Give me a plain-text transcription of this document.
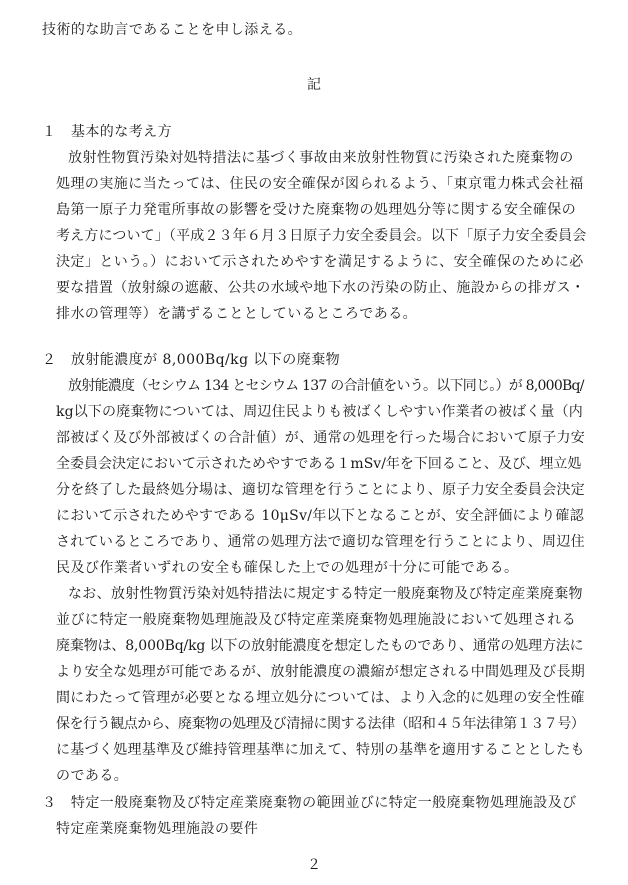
技術的な助言であることを申し添える。
記
１　基本的な考え方
放射性物質汚染対処特措法に基づく事故由来放射性物質に汚染された廃棄物の
処理の実施に当たっては、住民の安全確保が図られるよう、「東京電力株式会社福
島第一原子力発電所事故の影響を受けた廃棄物の処理処分等に関する安全確保の
考え方について」（平成２３年６月３日原子力安全委員会。以下「原子力安全委員会
決定」という。）において示されためやすを満足するように、安全確保のために必
要な措置（放射線の遮蔽、公共の水域や地下水の汚染の防止、施設からの排ガス・
排水の管理等）を講ずることとしているところである。
２　放射能濃度が 8,000Bq/kg 以下の廃棄物
放射能濃度（セシウム 134 とセシウム 137 の合計値をいう。以下同じ。）が 8,000Bq/
kg以下の廃棄物については、周辺住民よりも被ばくしやすい作業者の被ばく量（内
部被ばく及び外部被ばくの合計値）が、通常の処理を行った場合において原子力安
全委員会決定において示されためやすである１mSv/年を下回ること、及び、埋立処
分を終了した最終処分場は、適切な管理を行うことにより、原子力安全委員会決定
において示されためやすである 10μSv/年以下となることが、安全評価により確認
されているところであり、通常の処理方法で適切な管理を行うことにより、周辺住
民及び作業者いずれの安全も確保した上での処理が十分に可能である。
なお、放射性物質汚染対処特措法に規定する特定一般廃棄物及び特定産業廃棄物
並びに特定一般廃棄物処理施設及び特定産業廃棄物処理施設において処理される
廃棄物は、8,000Bq/kg 以下の放射能濃度を想定したものであり、通常の処理方法に
より安全な処理が可能であるが、放射能濃度の濃縮が想定される中間処理及び長期
間にわたって管理が必要となる埋立処分については、より入念的に処理の安全性確
保を行う観点から、廃棄物の処理及び清掃に関する法律（昭和４５年法律第１３７号）
に基づく処理基準及び維持管理基準に加えて、特別の基準を適用することとしたも
のである。
３　特定一般廃棄物及び特定産業廃棄物の範囲並びに特定一般廃棄物処理施設及び
特定産業廃棄物処理施設の要件
２
